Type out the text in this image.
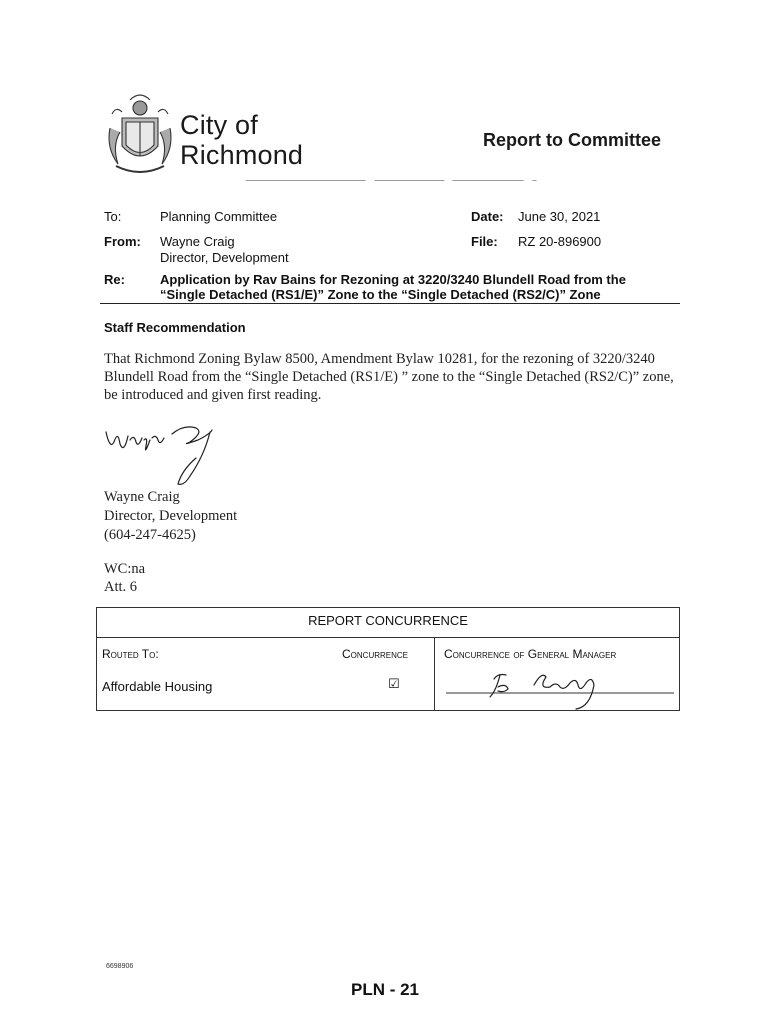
City of
Richmond	Report to Committee
To:	Planning Committee	Date: June 30, 2021
From: Wayne Craig
Director, Development
File: RZ 20-896900
Re:	Application by Rav Bains for Rezoning at 3220/3240 Blundell Road from the
“Single Detached (RS1/E)” Zone to the “Single Detached (RS2/C)” Zone
Staff Recommendation
That Richmond Zoning Bylaw 8500, Amendment Bylaw 10281, for the rezoning of 3220/3240 Blundell Road from the “Single Detached (RS1/E) ” zone to the “Single Detached (RS2/C)” zone, be introduced and given first reading.
Wayne Craig
Director, Development
(604-247-4625)
WC:na
Att. 6
REPORT CONCURRENCE
Routed To:	Concurrence	Concurrence of General Manager
Affordable Housing	☑
6698906
PLN - 21
